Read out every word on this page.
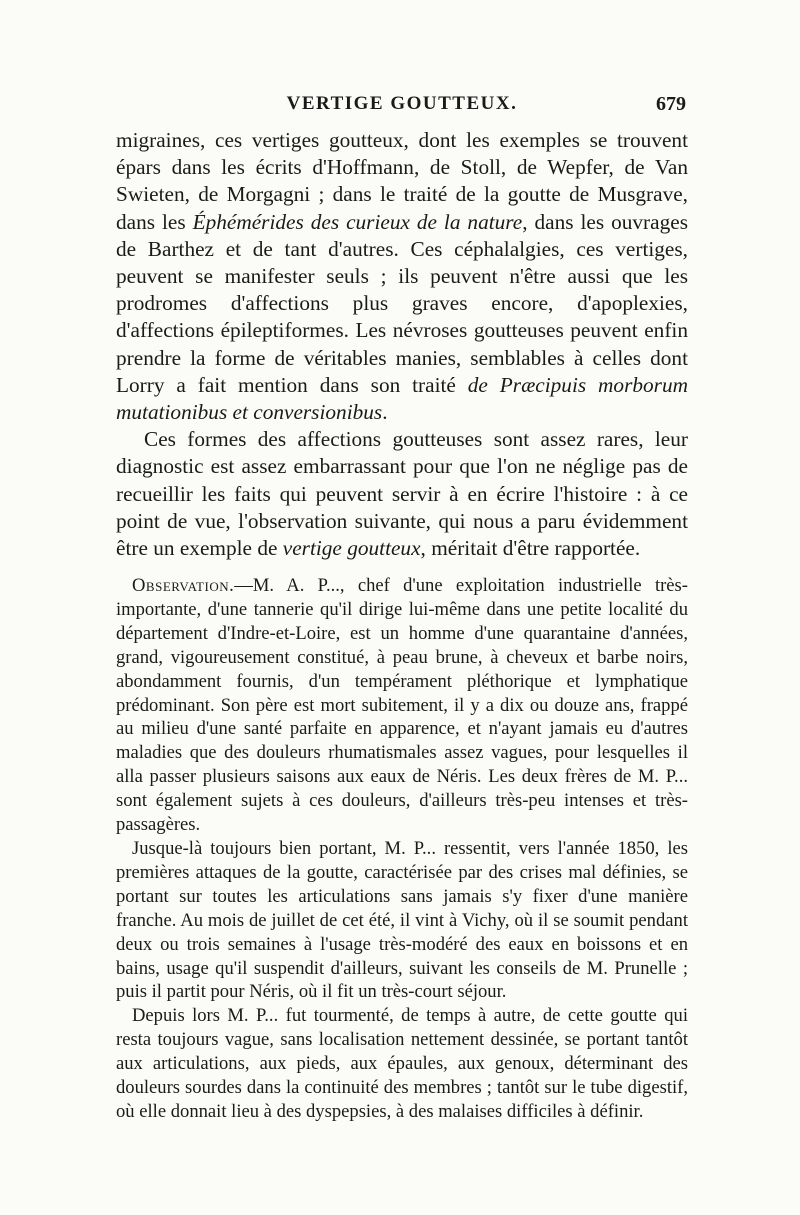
VERTIGE GOUTTEUX.	679

migraines, ces vertiges goutteux, dont les exemples se trouvent épars dans les écrits d'Hoffmann, de Stoll, de Wepfer, de Van Swieten, de Morgagni ; dans le traité de la goutte de Musgrave, dans les Éphémérides des curieux de la nature, dans les ouvrages de Barthez et de tant d'autres. Ces céphalalgies, ces vertiges, peuvent se manifester seuls ; ils peuvent n'être aussi que les prodromes d'affections plus graves encore, d'apoplexies, d'affections épileptiformes. Les névroses goutteuses peuvent enfin prendre la forme de véritables manies, semblables à celles dont Lorry a fait mention dans son traité de Præcipuis morborum mutationibus et conversionibus.

Ces formes des affections goutteuses sont assez rares, leur diagnostic est assez embarrassant pour que l'on ne néglige pas de recueillir les faits qui peuvent servir à en écrire l'histoire : à ce point de vue, l'observation suivante, qui nous a paru évidemment être un exemple de vertige goutteux, méritait d'être rapportée.

Observation.—M. A. P..., chef d'une exploitation industrielle très-importante, d'une tannerie qu'il dirige lui-même dans une petite localité du département d'Indre-et-Loire, est un homme d'une quarantaine d'années, grand, vigoureusement constitué, à peau brune, à cheveux et barbe noirs, abondamment fournis, d'un tempérament pléthorique et lymphatique prédominant. Son père est mort subitement, il y a dix ou douze ans, frappé au milieu d'une santé parfaite en apparence, et n'ayant jamais eu d'autres maladies que des douleurs rhumatismales assez vagues, pour lesquelles il alla passer plusieurs saisons aux eaux de Néris. Les deux frères de M. P... sont également sujets à ces douleurs, d'ailleurs très-peu intenses et très-passagères.

Jusque-là toujours bien portant, M. P... ressentit, vers l'année 1850, les premières attaques de la goutte, caractérisée par des crises mal définies, se portant sur toutes les articulations sans jamais s'y fixer d'une manière franche. Au mois de juillet de cet été, il vint à Vichy, où il se soumit pendant deux ou trois semaines à l'usage très-modéré des eaux en boissons et en bains, usage qu'il suspendit d'ailleurs, suivant les conseils de M. Prunelle ; puis il partit pour Néris, où il fit un très-court séjour.

Depuis lors M. P... fut tourmenté, de temps à autre, de cette goutte qui resta toujours vague, sans localisation nettement dessinée, se portant tantôt aux articulations, aux pieds, aux épaules, aux genoux, déterminant des douleurs sourdes dans la continuité des membres ; tantôt sur le tube digestif, où elle donnait lieu à des dyspepsies, à des malaises difficiles à définir.
